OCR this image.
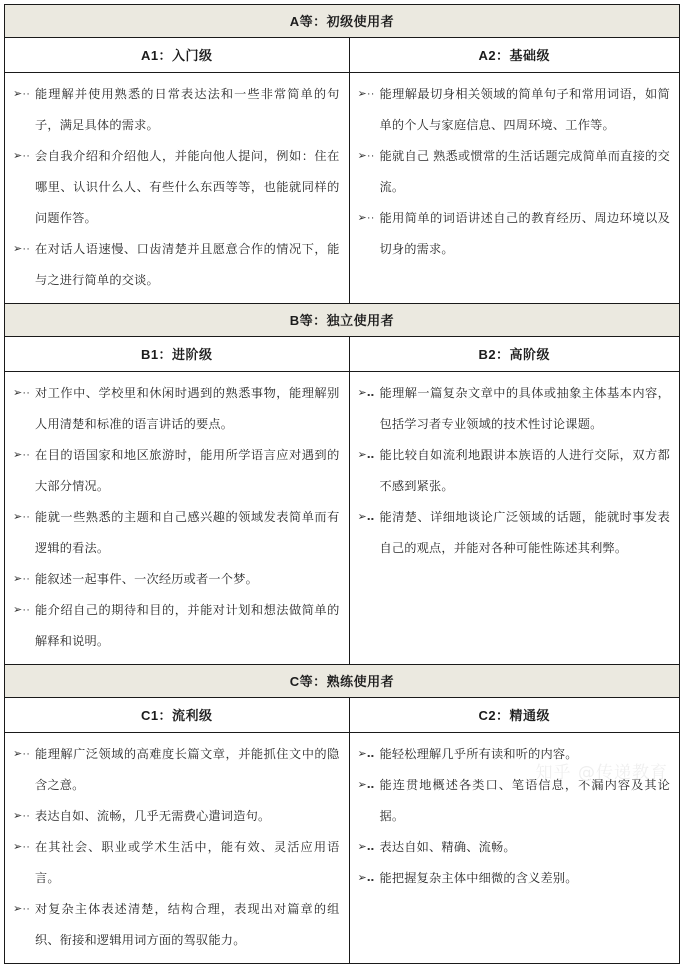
A等：初级使用者	
A1：入门级	A2：基础级

➢·· 能理解并使用熟悉的日常表达法和一些非常简单的句子，满足具体的需求。
➢·· 会自我介绍和介绍他人，并能向他人提问，例如：住在哪里、认识什么人、有些什么东西等等，也能就同样的问题作答。
➢·· 在对话人语速慢、口齿清楚并且愿意合作的情况下，能与之进行简单的交谈。

➢·· 能理解最切身相关领域的简单句子和常用词语，如简单的个人与家庭信息、四周环境、工作等。
➢·· 能就自己 熟悉或惯常的生活话题完成简单而直接的交流。
➢·· 能用简单的词语讲述自己的教育经历、周边环境以及切身的需求。

B等：独立使用者	
B1：进阶级	B2：高阶级

➢·· 对工作中、学校里和休闲时遇到的熟悉事物，能理解别人用清楚和标准的语言讲话的要点。
➢·· 在目的语国家和地区旅游时，能用所学语言应对遇到的大部分情况。
➢·· 能就一些熟悉的主题和自己感兴趣的领域发表简单而有逻辑的看法。
➢·· 能叙述一起事件、一次经历或者一个梦。
➢·· 能介绍自己的期待和目的，并能对计划和想法做简单的解释和说明。

➢‥ 能理解一篇复杂文章中的具体或抽象主体基本内容，包括学习者专业领域的技术性讨论课题。
➢‥ 能比较自如流利地跟讲本族语的人进行交际，双方都不感到紧张。
➢‥ 能清楚、详细地谈论广泛领域的话题，能就时事发表自己的观点，并能对各种可能性陈述其利弊。

C等：熟练使用者	
C1：流利级	C2：精通级

➢·· 能理解广泛领域的高难度长篇文章，并能抓住文中的隐含之意。
➢·· 表达自如、流畅，几乎无需费心遣词造句。
➢·· 在其社会、职业或学术生活中，能有效、灵活应用语言。
➢·· 对复杂主体表述清楚，结构合理，表现出对篇章的组织、衔接和逻辑用词方面的驾驭能力。

➢‥ 能轻松理解几乎所有读和听的内容。
➢‥ 能连贯地概述各类口、笔语信息，不漏内容及其论据。
➢‥ 表达自如、精确、流畅。
➢‥ 能把握复杂主体中细微的含义差别。
知乎 @传递教育
